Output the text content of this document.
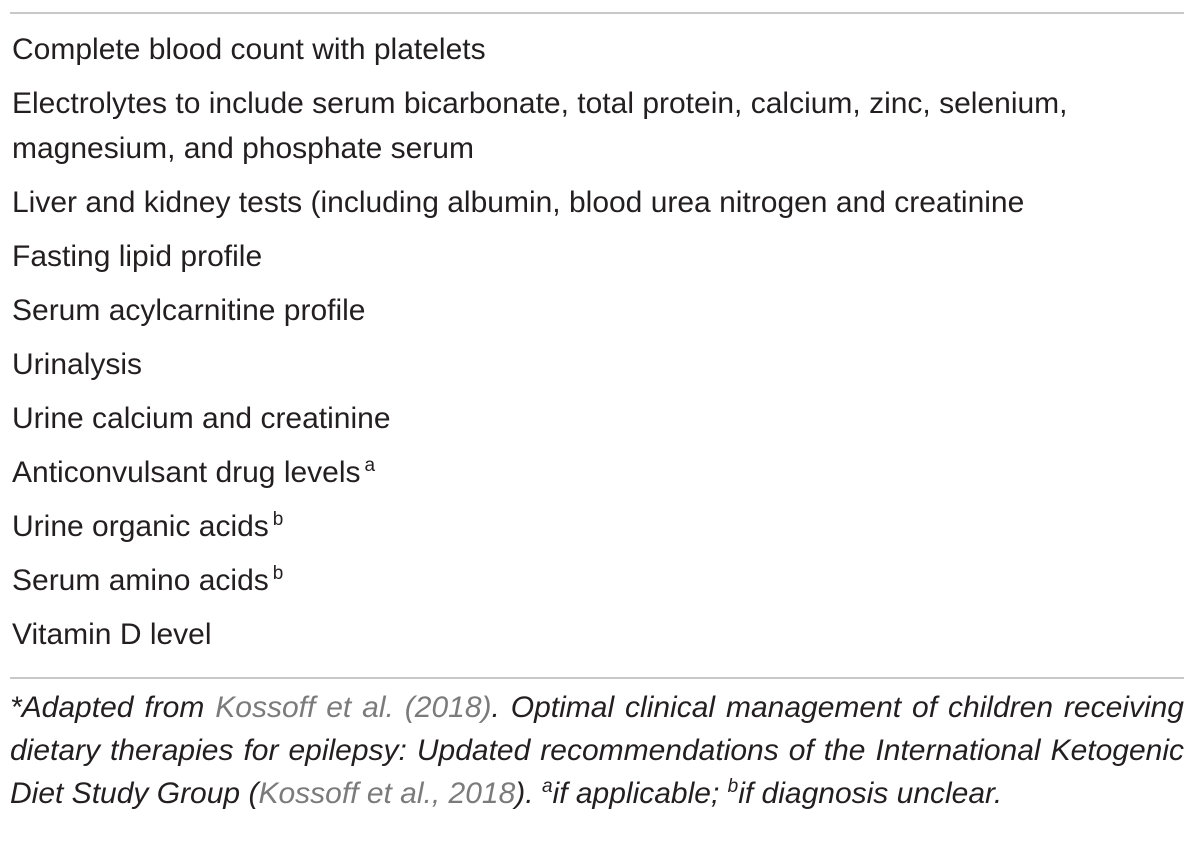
Complete blood count with platelets
Electrolytes to include serum bicarbonate, total protein, calcium, zinc, selenium, magnesium, and phosphate serum
Liver and kidney tests (including albumin, blood urea nitrogen and creatinine
Fasting lipid profile
Serum acylcarnitine profile
Urinalysis
Urine calcium and creatinine
Anticonvulsant drug levels $^a$
Urine organic acids $^b$
Serum amino acids $^b$
Vitamin D level
*Adapted from Kossoff et al. (2018). Optimal clinical management of children receiving dietary therapies for epilepsy: Updated recommendations of the International Ketogenic Diet Study Group (Kossoff et al., 2018). $^a$if applicable; $^b$if diagnosis unclear.
